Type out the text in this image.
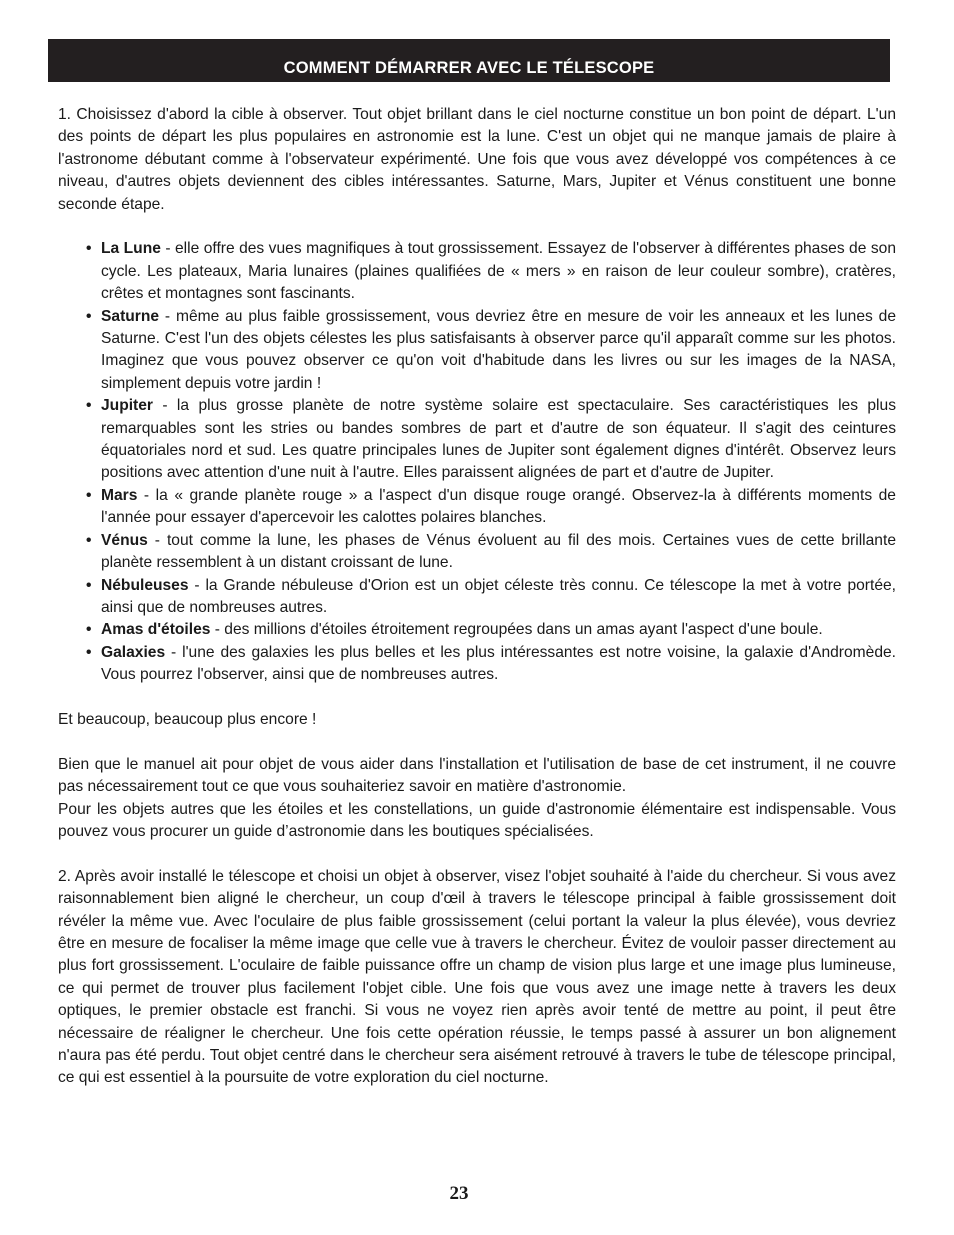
COMMENT DÉMARRER AVEC LE TÉLESCOPE

1. Choisissez d'abord la cible à observer. Tout objet brillant dans le ciel nocturne constitue un bon point de départ. L'un des points de départ les plus populaires en astronomie est la lune. C'est un objet qui ne manque jamais de plaire à l'astronome débutant comme à l'observateur expérimenté. Une fois que vous avez développé vos compétences à ce niveau, d'autres objets deviennent des cibles intéressantes. Saturne, Mars, Jupiter et Vénus constituent une bonne seconde étape.

• La Lune - elle offre des vues magnifiques à tout grossissement. Essayez de l'observer à différentes phases de son cycle. Les plateaux, Maria lunaires (plaines qualifiées de « mers » en raison de leur couleur sombre), cratères, crêtes et montagnes sont fascinants.
• Saturne - même au plus faible grossissement, vous devriez être en mesure de voir les anneaux et les lunes de Saturne. C'est l'un des objets célestes les plus satisfaisants à observer parce qu'il apparaît comme sur les photos. Imaginez que vous pouvez observer ce qu'on voit d'habitude dans les livres ou sur les images de la NASA, simplement depuis votre jardin !
• Jupiter - la plus grosse planète de notre système solaire est spectaculaire. Ses caractéristiques les plus remarquables sont les stries ou bandes sombres de part et d'autre de son équateur. Il s'agit des ceintures équatoriales nord et sud. Les quatre principales lunes de Jupiter sont également dignes d'intérêt. Observez leurs positions avec attention d'une nuit à l'autre. Elles paraissent alignées de part et d'autre de Jupiter.
• Mars - la « grande planète rouge » a l'aspect d'un disque rouge orangé. Observez-la à différents moments de l'année pour essayer d'apercevoir les calottes polaires blanches.
• Vénus - tout comme la lune, les phases de Vénus évoluent au fil des mois. Certaines vues de cette brillante planète ressemblent à un distant croissant de lune.
• Nébuleuses - la Grande nébuleuse d'Orion est un objet céleste très connu. Ce télescope la met à votre portée, ainsi que de nombreuses autres.
• Amas d'étoiles - des millions d'étoiles étroitement regroupées dans un amas ayant l'aspect d'une boule.
• Galaxies - l'une des galaxies les plus belles et les plus intéressantes est notre voisine, la galaxie d'Andromède. Vous pourrez l'observer, ainsi que de nombreuses autres.

Et beaucoup, beaucoup plus encore !

Bien que le manuel ait pour objet de vous aider dans l'installation et l'utilisation de base de cet instrument, il ne couvre pas nécessairement tout ce que vous souhaiteriez savoir en matière d'astronomie.

Pour les objets autres que les étoiles et les constellations, un guide d'astronomie élémentaire est indispensable. Vous pouvez vous procurer un guide d’astronomie dans les boutiques spécialisées.

2. Après avoir installé le télescope et choisi un objet à observer, visez l'objet souhaité à l'aide du chercheur. Si vous avez raisonnablement bien aligné le chercheur, un coup d'œil à travers le télescope principal à faible grossissement doit révéler la même vue. Avec l'oculaire de plus faible grossissement (celui portant la valeur la plus élevée), vous devriez être en mesure de focaliser la même image que celle vue à travers le chercheur. Évitez de vouloir passer directement au plus fort grossissement. L'oculaire de faible puissance offre un champ de vision plus large et une image plus lumineuse, ce qui permet de trouver plus facilement l'objet cible. Une fois que vous avez une image nette à travers les deux optiques, le premier obstacle est franchi. Si vous ne voyez rien après avoir tenté de mettre au point, il peut être nécessaire de réaligner le chercheur. Une fois cette opération réussie, le temps passé à assurer un bon alignement n'aura pas été perdu. Tout objet centré dans le chercheur sera aisément retrouvé à travers le tube de télescope principal, ce qui est essentiel à la poursuite de votre exploration du ciel nocturne.

23
